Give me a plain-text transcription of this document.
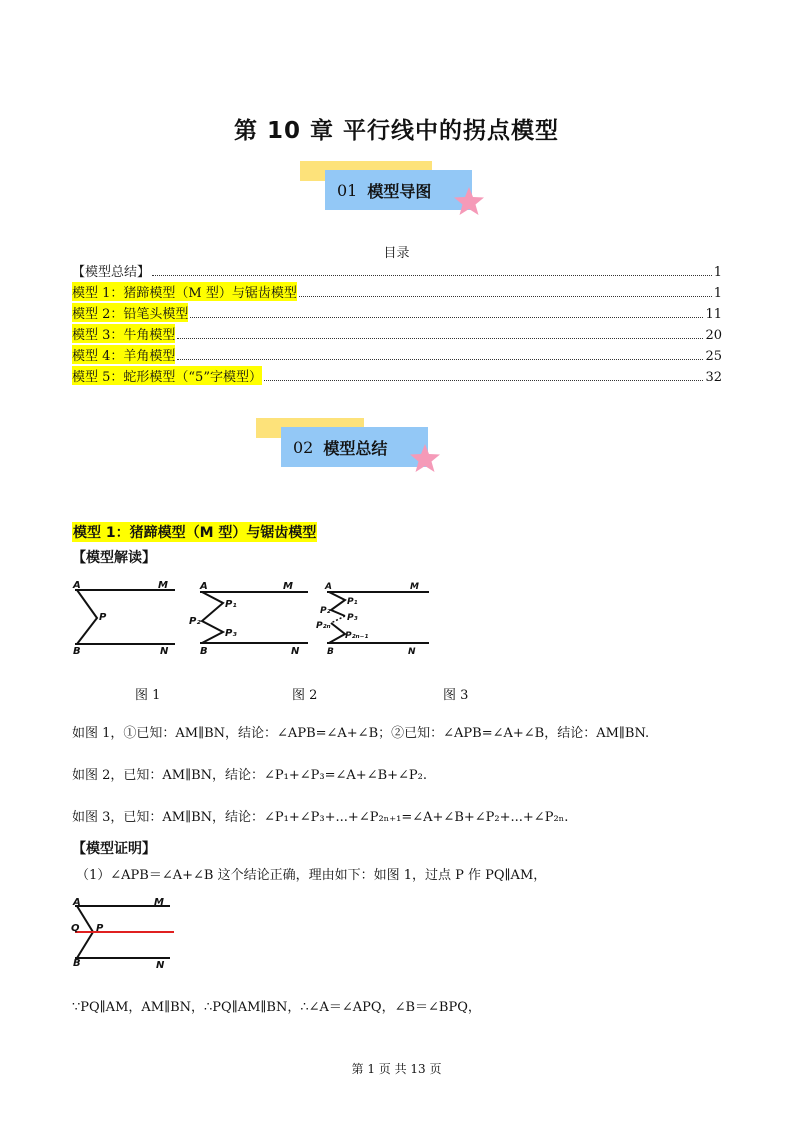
第 10 章 平行线中的拐点模型
01 模型导图
目录
【模型总结】	1
模型 1：猪蹄模型（M 型）与锯齿模型	1
模型 2：铅笔头模型	11
模型 3：牛角模型	20
模型 4：羊角模型	25
模型 5：蛇形模型（“5”字模型）	32
02 模型总结
模型 1：猪蹄模型（M 型）与锯齿模型
【模型解读】
A	M
P
B	N
A	M
P₁
P₂
P₃
B	N
A	M
P₁
P₂
P₃
P₂ₙ
P₂ₙ₋₁
B	N
图 1	图 2	图 3
如图 1，①已知：AM∥BN，结论：∠APB=∠A+∠B；②已知：∠APB=∠A+∠B，结论：AM∥BN.
如图 2，已知：AM∥BN，结论：∠P₁+∠P₃=∠A+∠B+∠P₂.
如图 3，已知：AM∥BN，结论：∠P₁+∠P₃+...+∠P₂ₙ₊₁=∠A+∠B+∠P₂+...+∠P₂ₙ.
【模型证明】
（1）∠APB＝∠A+∠B 这个结论正确，理由如下：如图 1，过点 P 作 PQ∥AM，
A	M
Q P
B	N
∵PQ∥AM，AM∥BN，∴PQ∥AM∥BN，∴∠A＝∠APQ，∠B＝∠BPQ，
第 1 页 共 13 页
